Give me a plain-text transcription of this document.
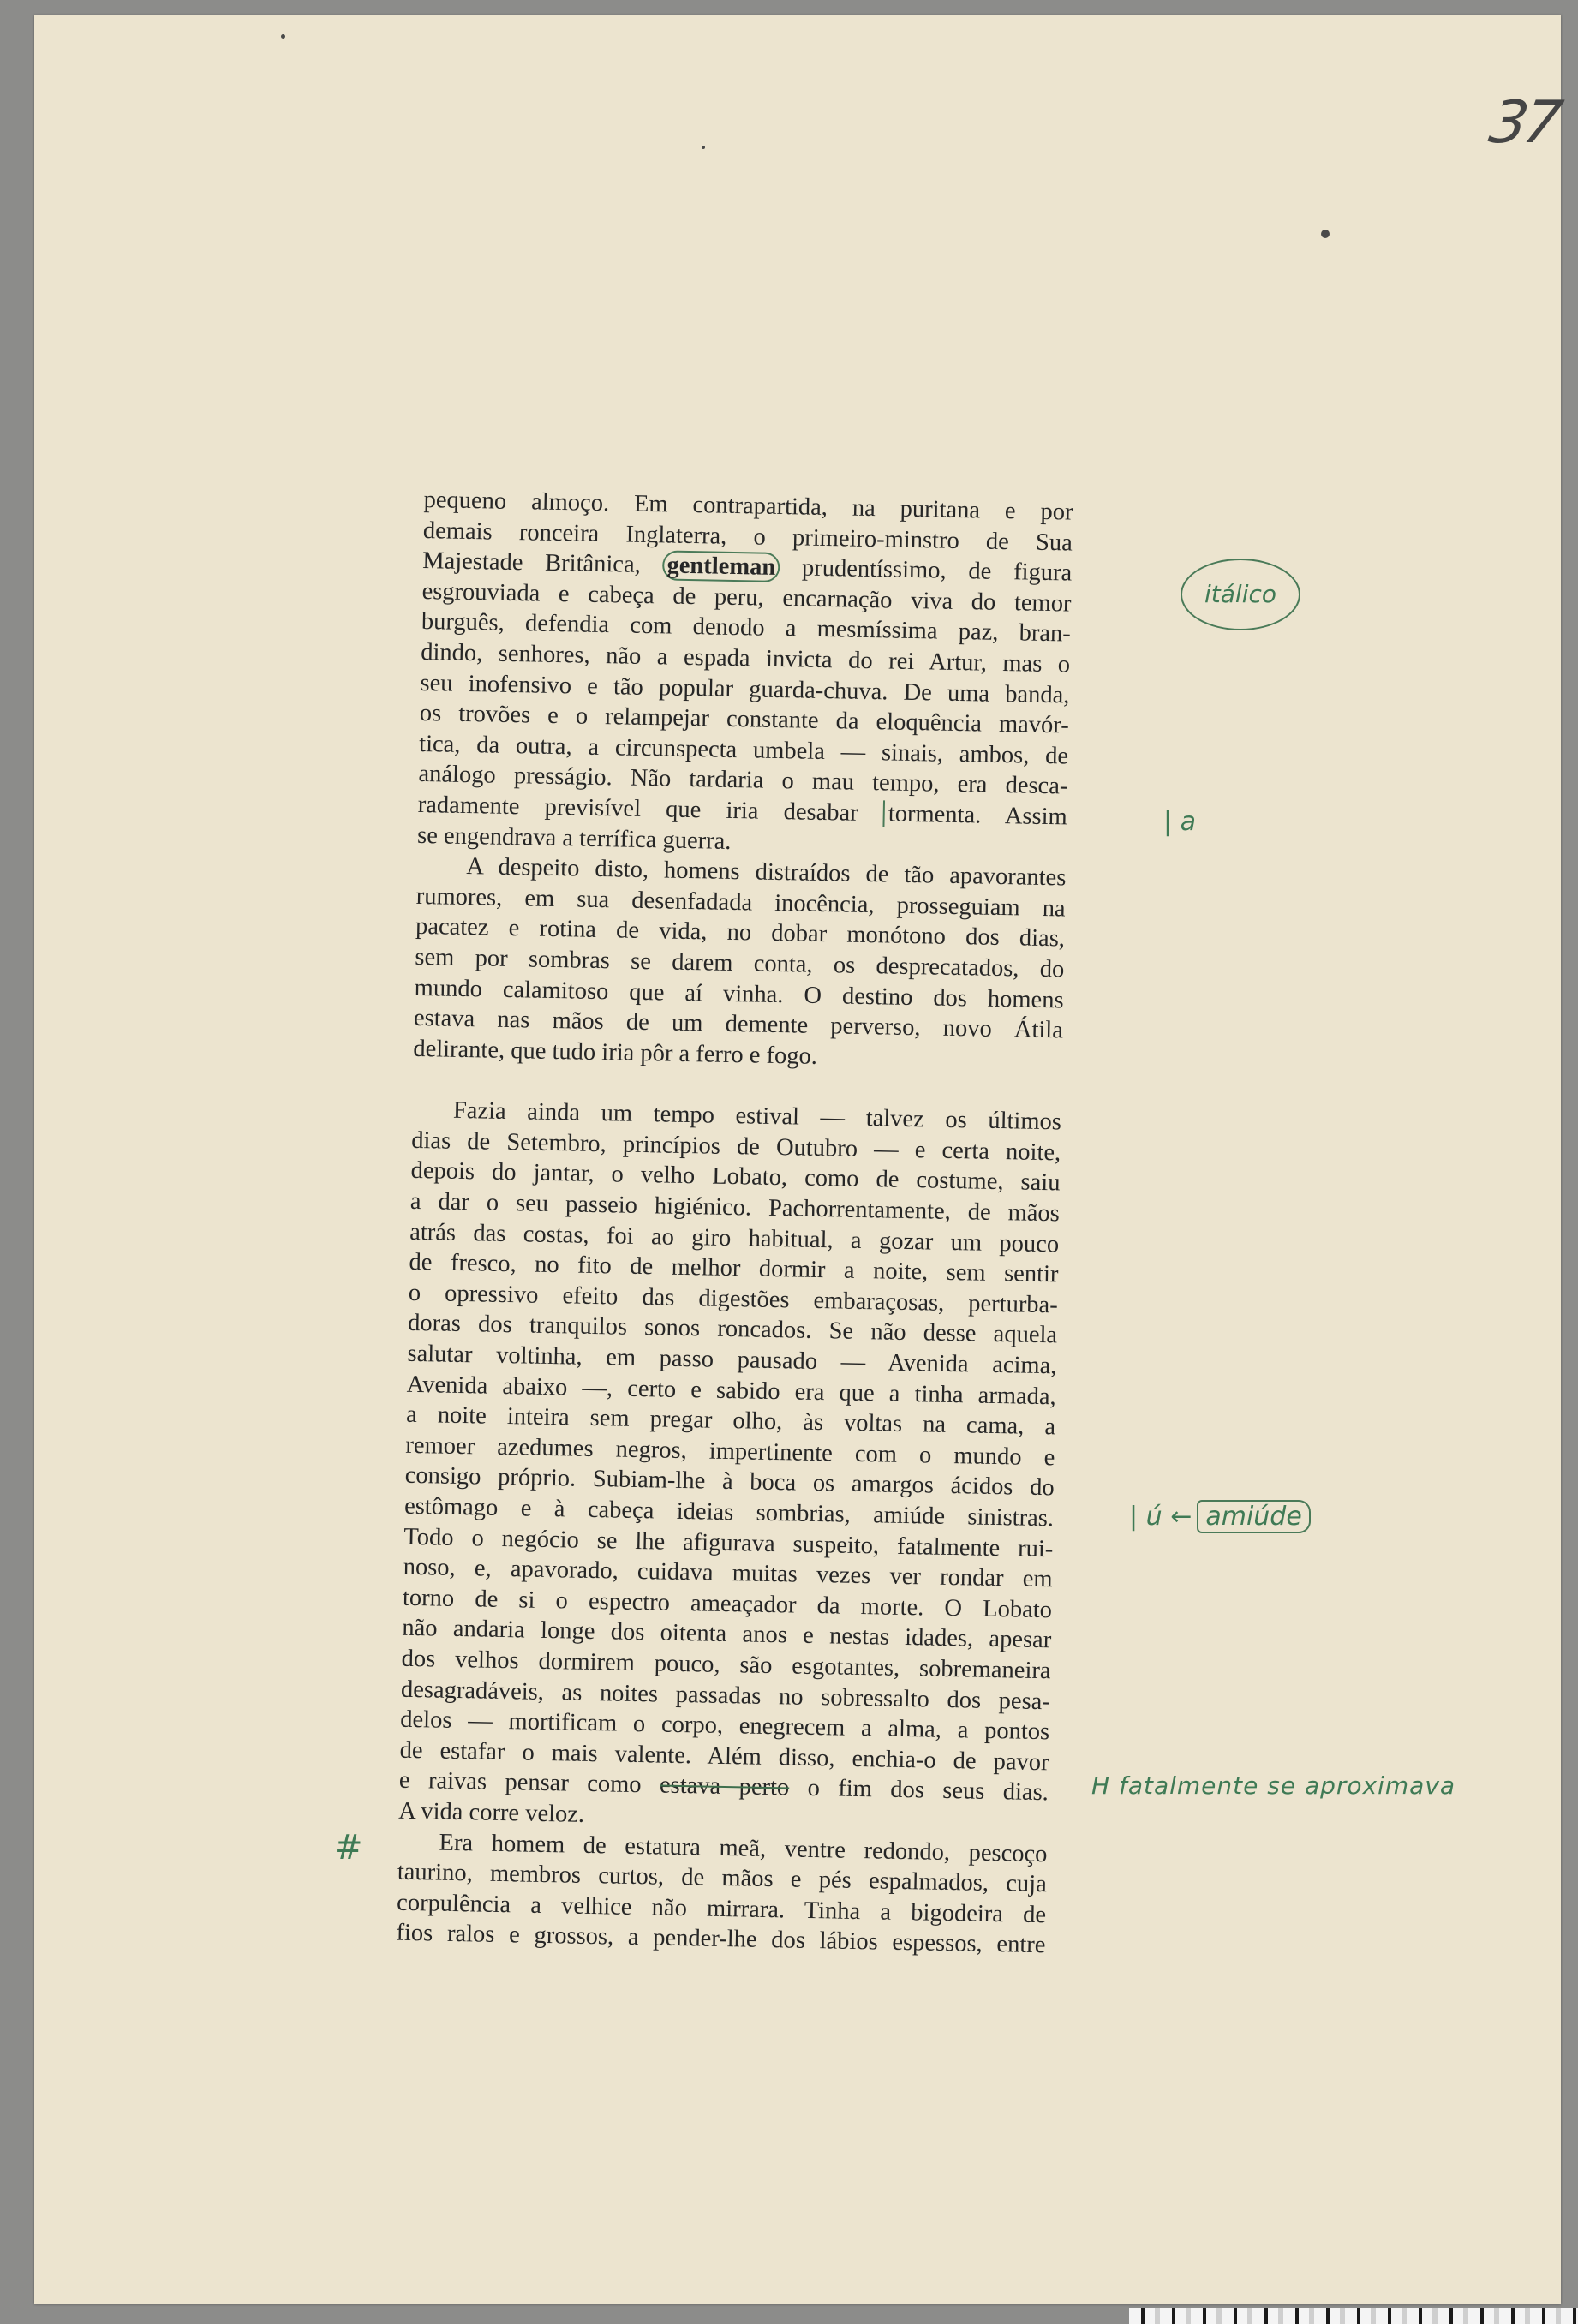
37
pequeno almoço. Em contrapartida, na puritana e por
demais ronceira Inglaterra, o primeiro-minstro de Sua
Majestade Britânica, gentleman prudentíssimo, de figura
esgrouviada e cabeça de peru, encarnação viva do temor
burguês, defendia com denodo a mesmíssima paz, bran-
dindo, senhores, não a espada invicta do rei Artur, mas o
seu inofensivo e tão popular guarda-chuva. De uma banda,
os trovões e o relampejar constante da eloquência mavór-
tica, da outra, a circunspecta umbela — sinais, ambos, de
análogo presságio. Não tardaria o mau tempo, era desca-
radamente previsível que iria desabar tormenta. Assim
se engendrava a terrífica guerra.
A despeito disto, homens distraídos de tão apavorantes
rumores, em sua desenfadada inocência, prosseguiam na
pacatez e rotina de vida, no dobar monótono dos dias,
sem por sombras se darem conta, os desprecatados, do
mundo calamitoso que aí vinha. O destino dos homens
estava nas mãos de um demente perverso, novo Átila
delirante, que tudo iria pôr a ferro e fogo.
Fazia ainda um tempo estival — talvez os últimos
dias de Setembro, princípios de Outubro — e certa noite,
depois do jantar, o velho Lobato, como de costume, saiu
a dar o seu passeio higiénico. Pachorrentamente, de mãos
atrás das costas, foi ao giro habitual, a gozar um pouco
de fresco, no fito de melhor dormir a noite, sem sentir
o opressivo efeito das digestões embaraçosas, perturba-
doras dos tranquilos sonos roncados. Se não desse aquela
salutar voltinha, em passo pausado — Avenida acima,
Avenida abaixo —, certo e sabido era que a tinha armada,
a noite inteira sem pregar olho, às voltas na cama, a
remoer azedumes negros, impertinente com o mundo e
consigo próprio. Subiam-lhe à boca os amargos ácidos do
estômago e à cabeça ideias sombrias, amiúde sinistras.
Todo o negócio se lhe afigurava suspeito, fatalmente rui-
noso, e, apavorado, cuidava muitas vezes ver rondar em
torno de si o espectro ameaçador da morte. O Lobato
não andaria longe dos oitenta anos e nestas idades, apesar
dos velhos dormirem pouco, são esgotantes, sobremaneira
desagradáveis, as noites passadas no sobressalto dos pesa-
delos — mortificam o corpo, enegrecem a alma, a pontos
de estafar o mais valente. Além disso, enchia-o de pavor
e raivas pensar como estava perto o fim dos seus dias.
A vida corre veloz.
Era homem de estatura meã, ventre redondo, pescoço
taurino, membros curtos, de mãos e pés espalmados, cuja
corpulência a velhice não mirrara. Tinha a bigodeira de
fios ralos e grossos, a pender-lhe dos lábios espessos, entre
itálico
| a
| ú ← amiúde
H fatalmente se aproximava
#
